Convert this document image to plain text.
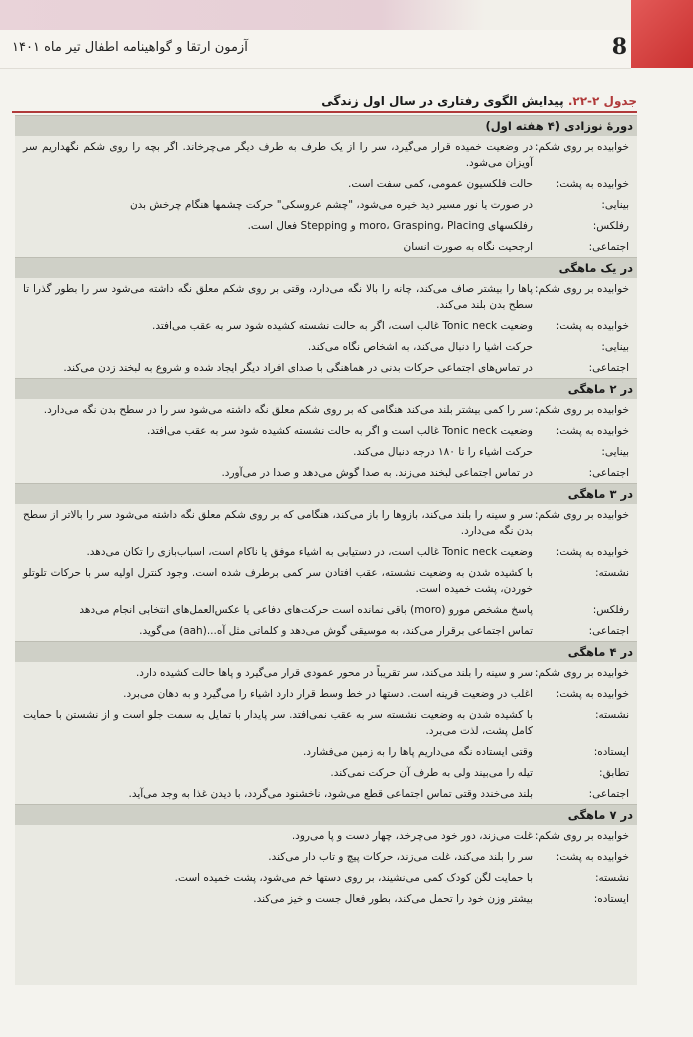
8
آزمون ارتقا و گواهینامه اطفال تیر ماه ۱۴۰۱
جدول ۲-۲۲. پیدایش الگوی رفتاری در سال اول زندگی
دورهٔ نوزادی (۴ هفته اول)
خوابیده بر روی شکم:
در وضعیت خمیده قرار می‌گیرد، سر را از یک طرف به طرف دیگر می‌چرخاند. اگر بچه را روی شکم نگهداریم سر آویزان می‌شود.
خوابیده به پشت:
حالت فلکسیون عمومی، کمی سفت است.
بینایی:
در صورت یا نور مسیر دید خیره می‌شود، "چشم عروسکی" حرکت چشمها هنگام چرخش بدن
رفلکس:
رفلکسهای moro، Grasping، Placing و Stepping فعال است.
اجتماعی:
ارجحیت نگاه به صورت انسان
در یک ماهگی
خوابیده بر روی شکم:
پاها را بیشتر صاف می‌کند، چانه را بالا نگه می‌دارد، وقتی بر روی شکم معلق نگه داشته می‌شود سر را بطور گذرا تا سطح بدن بلند می‌کند.
خوابیده به پشت:
وضعیت Tonic neck غالب است، اگر به حالت نشسته کشیده شود سر به عقب می‌افتد.
بینایی:
حرکت اشیا را دنبال می‌کند، به اشخاص نگاه می‌کند.
اجتماعی:
در تماس‌های اجتماعی حرکات بدنی در هماهنگی با صدای افراد دیگر ایجاد شده و شروع به لبخند زدن می‌کند.
در ۲ ماهگی
خوابیده بر روی شکم:
سر را کمی بیشتر بلند می‌کند هنگامی که بر روی شکم معلق نگه داشته می‌شود سر را در سطح بدن نگه می‌دارد.
خوابیده به پشت:
وضعیت Tonic neck غالب است و اگر به حالت نشسته کشیده شود سر به عقب می‌افتد.
بینایی:
حرکت اشیاء را تا ۱۸۰ درجه دنبال می‌کند.
اجتماعی:
در تماس اجتماعی لبخند می‌زند. به صدا گوش می‌دهد و صدا در می‌آورد.
در ۳ ماهگی
خوابیده بر روی شکم:
سر و سینه را بلند می‌کند، بازوها را باز می‌کند، هنگامی که بر روی شکم معلق نگه داشته می‌شود سر را بالاتر از سطح بدن نگه می‌دارد.
خوابیده به پشت:
وضعیت Tonic neck غالب است، در دستیابی به اشیاء موفق یا ناکام است، اسباب‌بازی را تکان می‌دهد.
نشسته:
با کشیده شدن به وضعیت نشسته، عقب افتادن سر کمی برطرف شده است. وجود کنترل اولیه سر با حرکات تلوتلو خوردن، پشت خمیده است.
رفلکس:
پاسخ مشخص مورو (moro) باقی نمانده است حرکت‌های دفاعی یا عکس‌العمل‌های انتخابی انجام می‌دهد
اجتماعی:
تماس اجتماعی برقرار می‌کند، به موسیقی گوش می‌دهد و کلماتی مثل آه...(aah) می‌گوید.
در ۴ ماهگی
خوابیده بر روی شکم:
سر و سینه را بلند می‌کند، سر تقریباً در محور عمودی قرار می‌گیرد و پاها حالت کشیده دارد.
خوابیده به پشت:
اغلب در وضعیت قرینه است. دستها در خط وسط قرار دارد اشیاء را می‌گیرد و به دهان می‌برد.
نشسته:
با کشیده شدن به وضعیت نشسته سر به عقب نمی‌افتد. سر پایدار با تمایل به سمت جلو است و از نشستن با حمایت کامل پشت، لذت می‌برد.
ایستاده:
وقتی ایستاده نگه می‌داریم پاها را به زمین می‌فشارد.
تطابق:
تیله را می‌بیند ولی به طرف آن حرکت نمی‌کند.
اجتماعی:
بلند می‌خندد وقتی تماس اجتماعی قطع می‌شود، ناخشنود می‌گردد، با دیدن غذا به وجد می‌آید.
در ۷ ماهگی
خوابیده بر روی شکم:
غلت می‌زند، دور خود می‌چرخد، چهار دست و پا می‌رود.
خوابیده به پشت:
سر را بلند می‌کند، غلت می‌زند، حرکات پیچ و تاب دار می‌کند.
نشسته:
با حمایت لگن کودک کمی می‌نشیند، بر روی دستها خم می‌شود، پشت خمیده است.
ایستاده:
بیشتر وزن خود را تحمل می‌کند، بطور فعال جست و خیز می‌کند.
